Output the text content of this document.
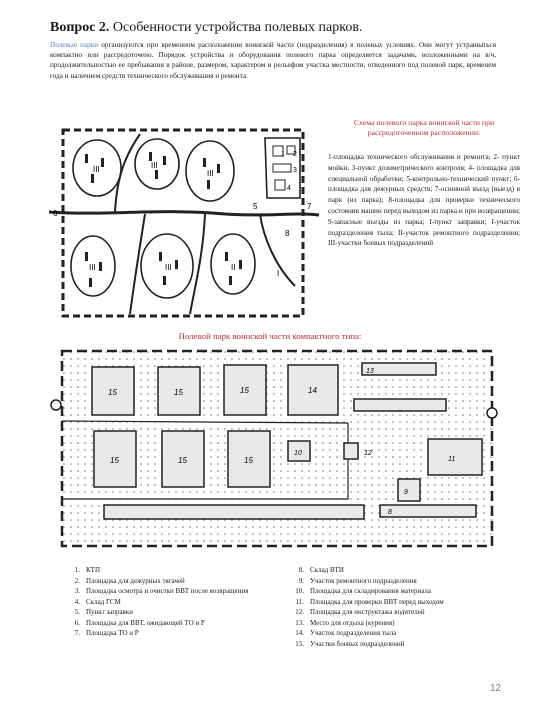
Вопрос 2. Особенности устройства полевых парков.
Полевые парки организуются при временном расположении воинской части (подразделения) в полевых условиях. Они могут устраиваться компактно или рассредоточено. Порядок устройства и оборудования полевого парка определяется задачами, возложенными на в/ч, продолжительностью ее пребывания в районе, размером, характером и рельефом участка местности, отведенного под полевой парк, временем года и наличием средств технического обслуживания и ремонта.
6
7
8
5
III	III
III
III	III	II
I
1 2
3
4
Схема полевого парка воинской части при рассредоточенном расположении:
1-площадка технического обслуживания и ремонта; 2- пункт мойки, 3-пункт дозиметрического контроля; 4- площадка для специальной обработки; 5-контрольно-технический пункт; 6-площадка для дежурных средств; 7-основной въезд (выезд) в парк (из парка); 8-площадка для проверки технического состояния машин перед выходом из парка и при возвращении; 9-запасные въезды из парка; I-пункт заправки; I-участок подразделения тыла; II-участок ремонтного подразделения; III-участки боевых подразделений
Полевой парк воинской части компактного типа:
15	15	15	14
15	15	15
13
12
11
10
9
8
1. КТП
2. Площадка для дежурных тягачей
3. Площадка осмотра и очистки ВВТ после возвращения
4. Склад ГСМ
5. Пункт заправки
6. Площадка для ВВТ, ожидающей ТО и Р
7. Площадка ТО и Р
8. Склад ВТИ
9. Участок ремонтного подразделения
10. Площадка для складирования материала
11. Площадка для проверки ВВТ перед выходом
12. Площадка для инструктажа водителей
13. Место для отдыха (курения)
14. Участок подразделения тыла
15. Участки боевых подразделений
12
